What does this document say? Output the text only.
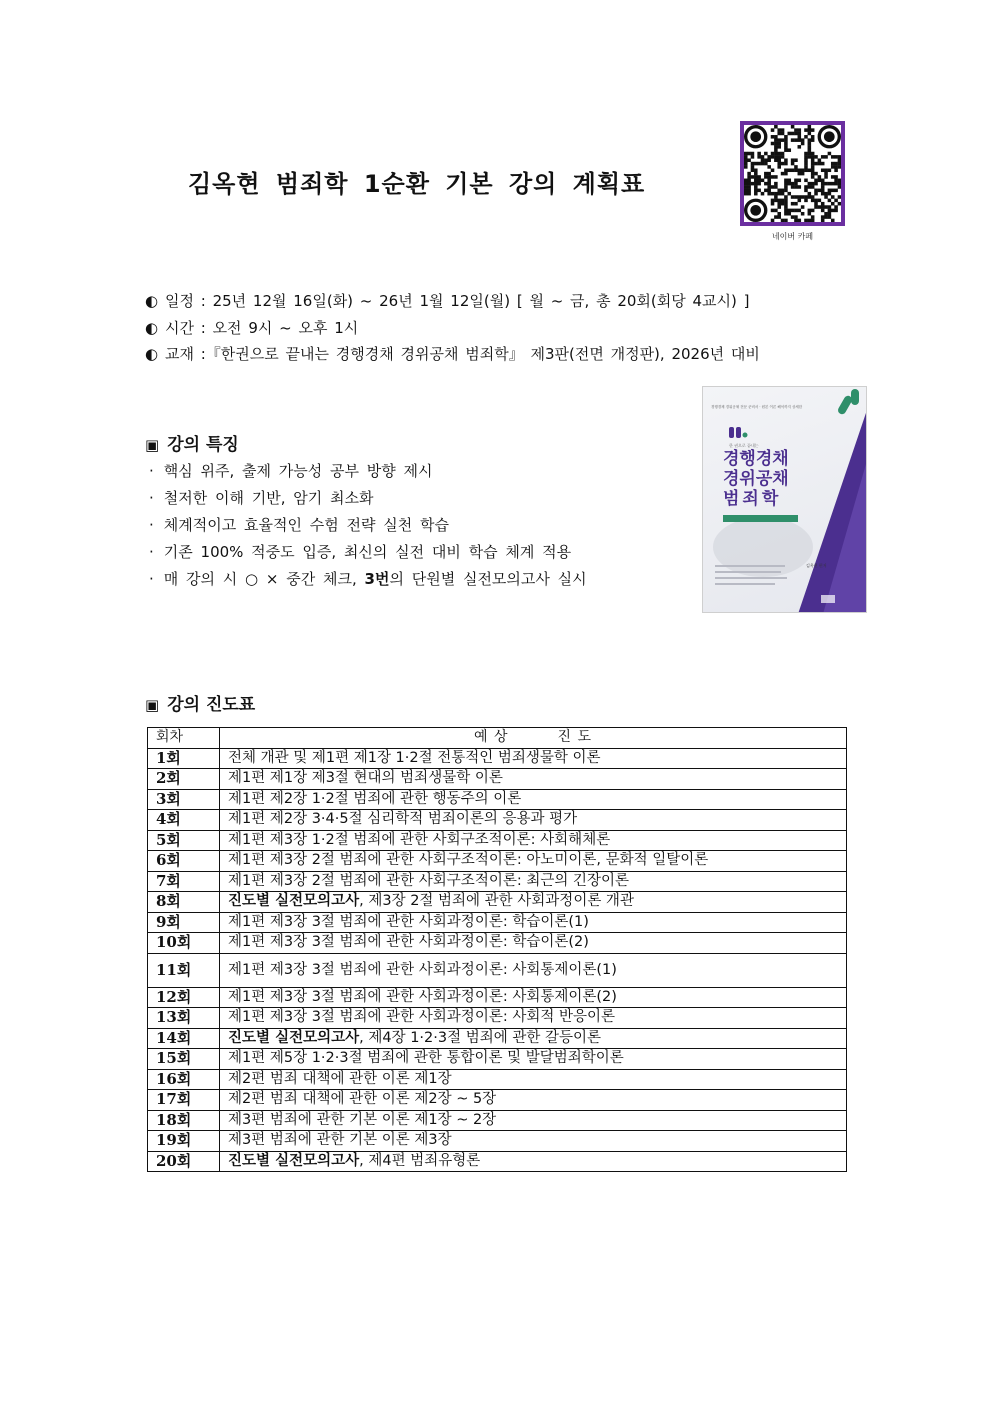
김옥현 범죄학 1순환 기본 강의 계획표
네이버 카페
◐ 일정 : 25년 12월 16일(화) ~ 26년 1월 12일(월) [ 월 ~ 금, 총 20회(회당 4교시) ]
◐ 시간 : 오전 9시 ~ 오후 1시
◐ 교재 :『한권으로 끝내는 경행경채 경위공채 범죄학』 제3판(전면 개정판), 2026년 대비
▣ 강의 특징
· 핵심 위주, 출제 가능성 공부 방향 제시
· 철저한 이해 기반, 암기 최소화
· 체계적이고 효율적인 수험 전략 실천 학습
· 기존 100% 적중도 입증, 최신의 실전 대비 학습 체계 적용
· 매 강의 시 ○ × 중간 체크, 3번의 단원별 실전모의고사 실시
경행경채 경위공채 전문 준비서 · 원본 이론 해석까지 상세한
한 권으로 끝내는
경행경채
경위공채
범죄학
김옥현 편저
▣ 강의 진도표
회차	예 상         진 도
1회	전체 개관 및 제1편 제1장 1·2절 전통적인 범죄생물학 이론
2회	제1편 제1장 제3절 현대의 범죄생물학 이론
3회	제1편 제2장 1·2절 범죄에 관한 행동주의 이론
4회	제1편 제2장 3·4·5절 심리학적 범죄이론의 응용과 평가
5회	제1편 제3장 1·2절 범죄에 관한 사회구조적이론: 사회해체론
6회	제1편 제3장 2절 범죄에 관한 사회구조적이론: 아노미이론, 문화적 일탈이론
7회	제1편 제3장 2절 범죄에 관한 사회구조적이론: 최근의 긴장이론
8회	진도별 실전모의고사, 제3장 2절 범죄에 관한 사회과정이론 개관
9회	제1편 제3장 3절 범죄에 관한 사회과정이론: 학습이론(1)
10회	제1편 제3장 3절 범죄에 관한 사회과정이론: 학습이론(2)
11회	제1편 제3장 3절 범죄에 관한 사회과정이론: 사회통제이론(1)
12회	제1편 제3장 3절 범죄에 관한 사회과정이론: 사회통제이론(2)
13회	제1편 제3장 3절 범죄에 관한 사회과정이론: 사회적 반응이론
14회	진도별 실전모의고사, 제4장 1·2·3절 범죄에 관한 갈등이론
15회	제1편 제5장 1·2·3절 범죄에 관한 통합이론 및 발달범죄학이론
16회	제2편 범죄 대책에 관한 이론 제1장
17회	제2편 범죄 대책에 관한 이론 제2장 ~ 5장
18회	제3편 범죄에 관한 기본 이론 제1장 ~ 2장
19회	제3편 범죄에 관한 기본 이론 제3장
20회	진도별 실전모의고사, 제4편 범죄유형론
